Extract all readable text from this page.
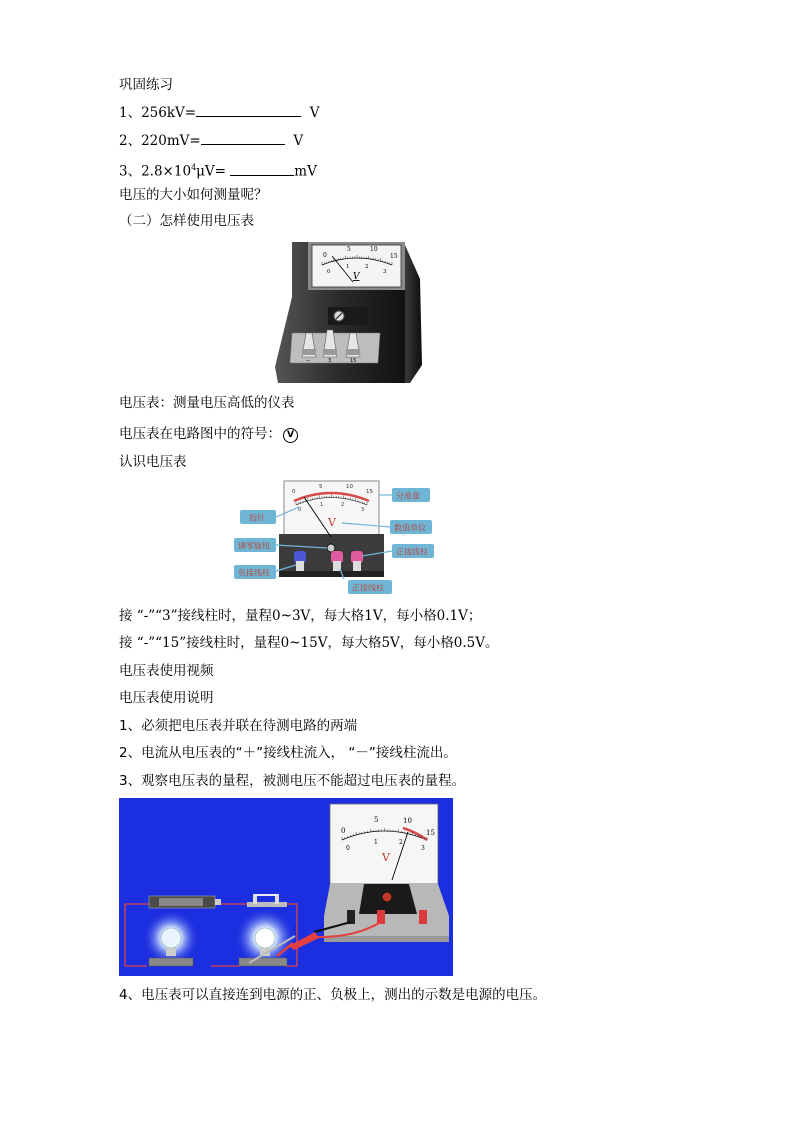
巩固练习
1、256kV=	V
2、220mV=	V
3、$2.8\times 10^4\mu V=$	mV
电压的大小如何测量呢？
（二）怎样使用电压表
0
5	10
15
0
1	2
3
V
−	3	15
电压表：测量电压高低的仪表
电压表在电路图中的符号： V
认识电压表
0
5	10
15
0
1	2
3
V
分度盘
指针
数值单位
调零旋钮
正接线柱
负接线柱
正接线柱
接 “-”“3”接线柱时，量程0~3V，每大格1V，每小格0.1V；
接 “-”“15”接线柱时，量程0~15V，每大格5V，每小格0.5V。
电压表使用视频
电压表使用说明
1、必须把电压表并联在待测电路的两端
2、电流从电压表的“＋”接线柱流入， “－”接线柱流出。
3、观察电压表的量程，被测电压不能超过电压表的量程。
0
5	10
15
0
1	2
3
V
4、电压表可以直接连到电源的正、负极上，测出的示数是电源的电压。
